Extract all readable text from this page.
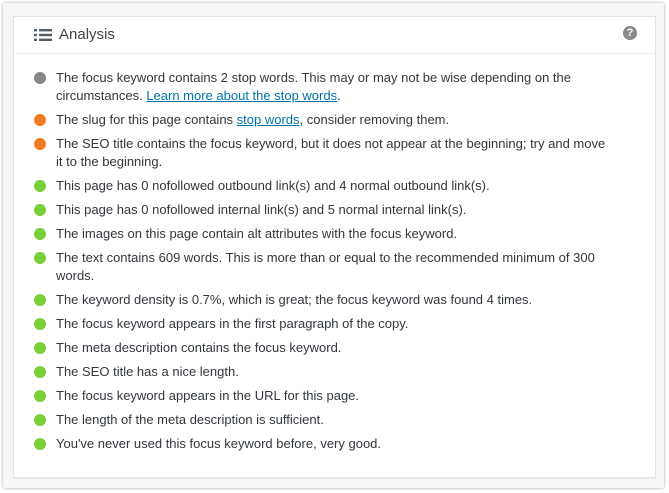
Analysis	?
The focus keyword contains 2 stop words. This may or may not be wise depending on the circumstances. Learn more about the stop words.
The slug for this page contains stop words, consider removing them.
The SEO title contains the focus keyword, but it does not appear at the beginning; try and move it to the beginning.
This page has 0 nofollowed outbound link(s) and 4 normal outbound link(s).
This page has 0 nofollowed internal link(s) and 5 normal internal link(s).
The images on this page contain alt attributes with the focus keyword.
The text contains 609 words. This is more than or equal to the recommended minimum of 300 words.
The keyword density is 0.7%, which is great; the focus keyword was found 4 times.
The focus keyword appears in the first paragraph of the copy.
The meta description contains the focus keyword.
The SEO title has a nice length.
The focus keyword appears in the URL for this page.
The length of the meta description is sufficient.
You've never used this focus keyword before, very good.
